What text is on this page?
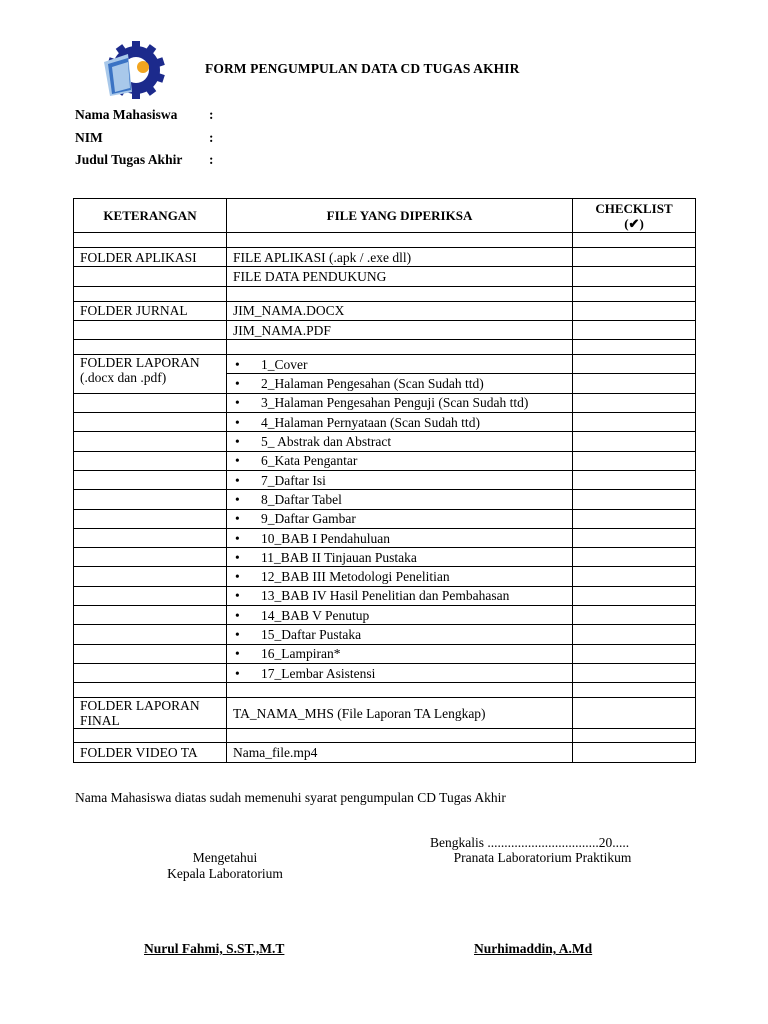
FORM PENGUMPULAN DATA CD TUGAS AKHIR
Nama Mahasiswa :
NIM	:
Judul Tugas Akhir :
KETERANGAN	FILE YANG DIPERIKSA	CHECKLIST
(✔)

FOLDER APLIKASI	FILE APLIKASI (.apk / .exe dll)	
	FILE DATA PENDUKUNG	

FOLDER JURNAL	JIM_NAMA.DOCX	
	JIM_NAMA.PDF	

FOLDER LAPORAN
(.docx dan .pdf)	• 1_Cover	
	• 2_Halaman Pengesahan (Scan Sudah ttd)	
	• 3_Halaman Pengesahan Penguji (Scan Sudah ttd)	
	• 4_Halaman Pernyataan (Scan Sudah ttd)	
	• 5_ Abstrak dan Abstract	
	• 6_Kata Pengantar	
	• 7_Daftar Isi	
	• 8_Daftar Tabel	
	• 9_Daftar Gambar	
	• 10_BAB I Pendahuluan	
	• 11_BAB II Tinjauan Pustaka	
	• 12_BAB III Metodologi Penelitian	
	• 13_BAB IV Hasil Penelitian dan Pembahasan	
	• 14_BAB V Penutup	
	• 15_Daftar Pustaka	
	• 16_Lampiran*	
	• 17_Lembar Asistensi	

FOLDER LAPORAN
FINAL	TA_NAMA_MHS (File Laporan TA Lengkap)	

FOLDER VIDEO TA	Nama_file.mp4	
Nama Mahasiswa diatas sudah memenuhi syarat pengumpulan CD Tugas Akhir
Bengkalis .................................20.....
Mengetahui
Kepala Laboratorium
Pranata Laboratorium Praktikum
Nurul Fahmi, S.ST.,M.T	Nurhimaddin, A.Md
